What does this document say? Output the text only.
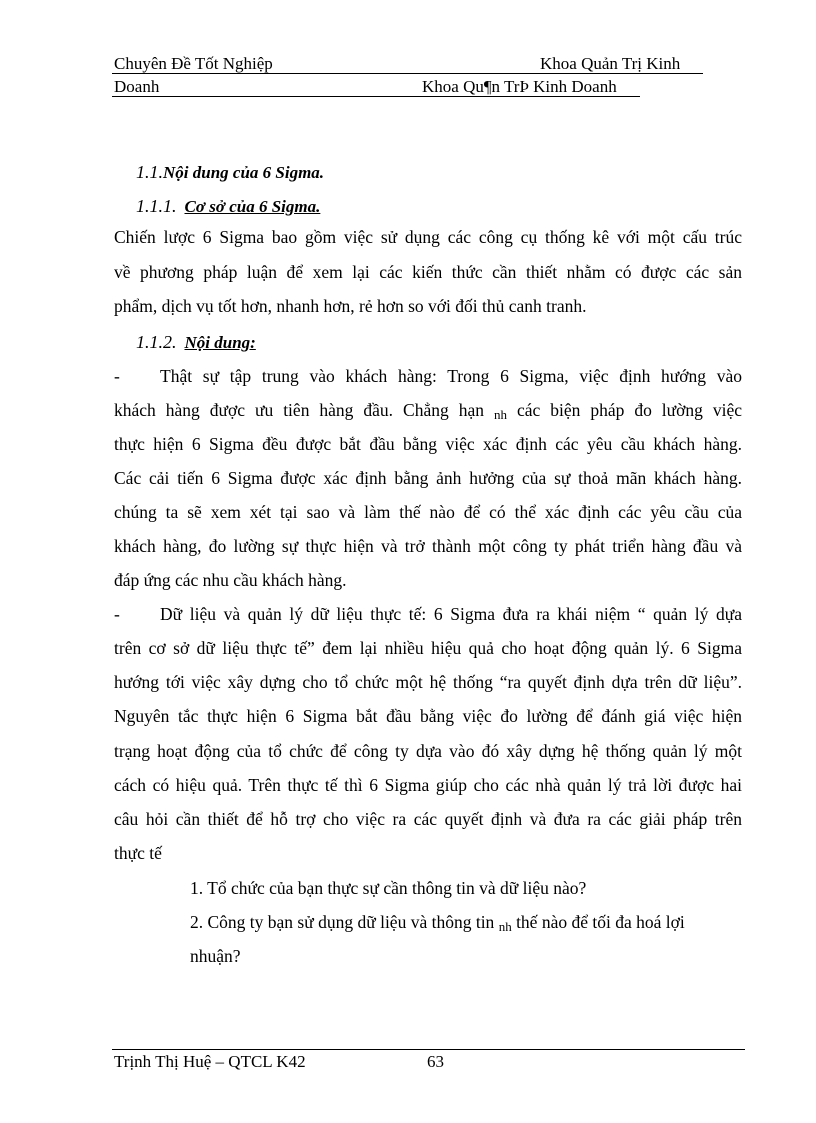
Chuyên Đề Tốt Nghiệp	Khoa Quản Trị Kinh
Doanh	Khoa Qu¶n TrÞ Kinh Doanh
1.1.Nội dung của 6 Sigma.
1.1.1. Cơ sở của 6 Sigma.
Chiến lược 6 Sigma bao gồm việc sử dụng các công cụ thống kê với một cấu trúc
về phương pháp luận để xem lại các kiến thức cần thiết nhằm có được các sản
phẩm, dịch vụ tốt hơn, nhanh hơn, rẻ hơn so với đối thủ canh tranh.
1.1.2. Nội dung:
- Thật sự tập trung vào khách hàng: Trong 6 Sigma, việc định hướng vào
khách hàng được ưu tiên hàng đầu. Chẳng hạn nh các biện pháp đo lường việc
thực hiện 6 Sigma đều được bắt đầu bằng việc xác định các yêu cầu khách hàng.
Các cải tiến 6 Sigma được xác định bằng ảnh hưởng của sự thoả mãn khách hàng.
chúng ta sẽ xem xét tại sao và làm thế nào để có thể xác định các yêu cầu của
khách hàng, đo lường sự thực hiện và trở thành một công ty phát triển hàng đầu và
đáp ứng các nhu cầu khách hàng.
- Dữ liệu và quản lý dữ liệu thực tế: 6 Sigma đưa ra khái niệm “ quản lý dựa
trên cơ sở dữ liệu thực tế” đem lại nhiều hiệu quả cho hoạt động quản lý. 6 Sigma
hướng tới việc xây dựng cho tổ chức một hệ thống “ra quyết định dựa trên dữ liệu”.
Nguyên tắc thực hiện 6 Sigma bắt đầu bằng việc đo lường để đánh giá việc hiện
trạng hoạt động của tổ chức để công ty dựa vào đó xây dựng hệ thống quản lý một
cách có hiệu quả. Trên thực tế thì 6 Sigma giúp cho các nhà quản lý trả lời được hai
câu hỏi cần thiết để hỗ trợ cho việc ra các quyết định và đưa ra các giải pháp trên
thực tế
1. Tổ chức của bạn thực sự cần thông tin và dữ liệu nào?
2. Công ty bạn sử dụng dữ liệu và thông tin nh thế nào để tối đa hoá lợi
nhuận?
Trịnh Thị Huệ – QTCL K42	63
